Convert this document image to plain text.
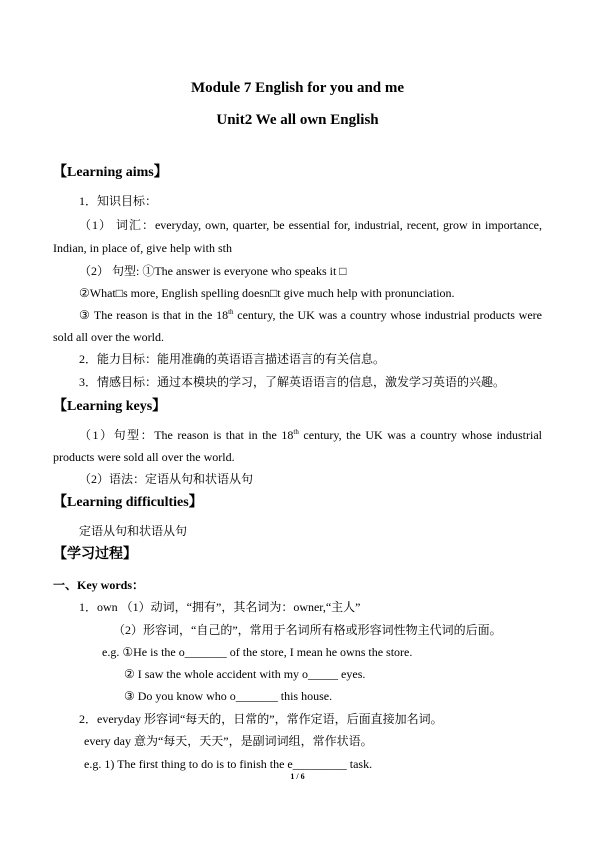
Module 7 English for you and me
Unit2 We all own English
【Learning aims】
1．知识目标：
（1） 词汇：everyday, own, quarter, be essential for, industrial, recent, grow in importance,
Indian, in place of, give help with sth
（2） 句型: ①The answer is everyone who speaks it □
②What□s more, English spelling doesn□t give much help with pronunciation.
③ The reason is that in the 18th century, the UK was a country whose industrial products were
sold all over the world.
2．能力目标：能用准确的英语语言描述语言的有关信息。
3．情感目标：通过本模块的学习，了解英语语言的信息，激发学习英语的兴趣。
【Learning keys】
（1）句型：The reason is that in the 18th century, the UK was a country whose industrial
products were sold all over the world.
（2）语法：定语从句和状语从句
【Learning difficulties】
定语从句和状语从句
【学习过程】
一、Key words：
1．own （1）动词，“拥有”，其名词为：owner,“主人”
（2）形容词，“自己的”，常用于名词所有格或形容词性物主代词的后面。
e.g. ①He is the o_______ of the store, I mean he owns the store.
② I saw the whole accident with my o_____ eyes.
③ Do you know who o_______ this house.
2．everyday 形容词“每天的，日常的”，常作定语，后面直接加名词。
every day 意为“每天，天天”，是副词词组，常作状语。
e.g. 1) The first thing to do is to finish the e_________ task.
1 / 6
